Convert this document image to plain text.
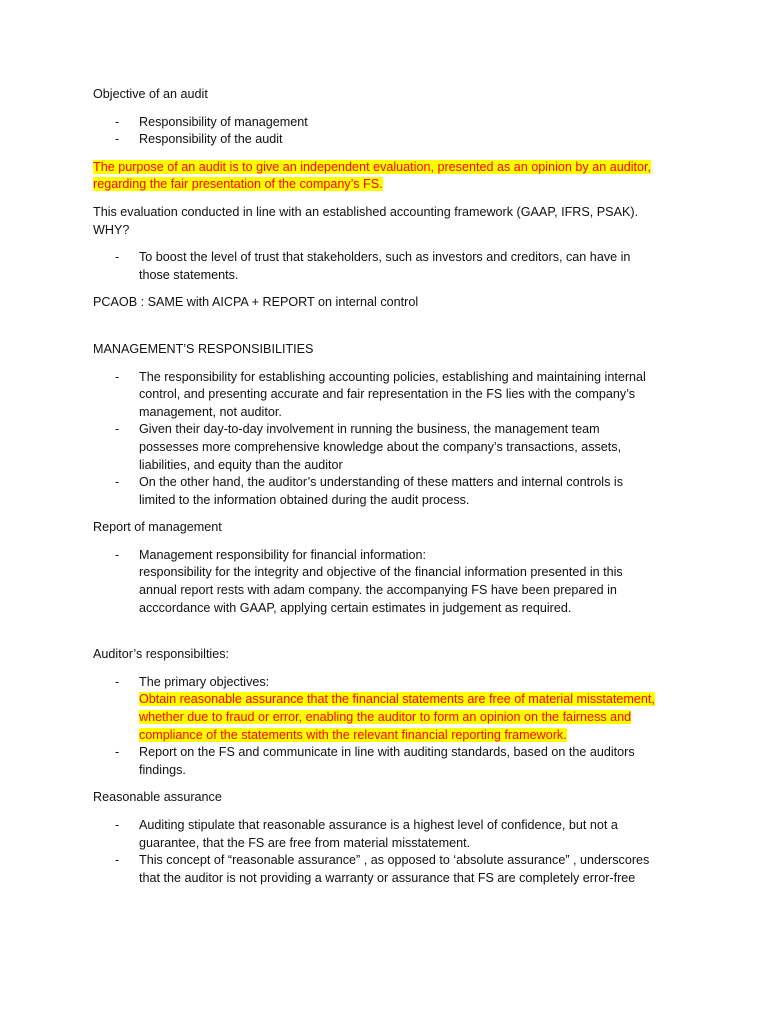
Objective of an audit

- Responsibility of management
- Responsibility of the audit

The purpose of an audit is to give an independent evaluation, presented as an opinion by an auditor,
regarding the fair presentation of the company’s FS.

This evaluation conducted in line with an established accounting framework (GAAP, IFRS, PSAK).
WHY?

- To boost the level of trust that stakeholders, such as investors and creditors, can have in
those statements.

PCAOB : SAME with AICPA + REPORT on internal control

MANAGEMENT’S RESPONSIBILITIES

- The responsibility for establishing accounting policies, establishing and maintaining internal
control, and presenting accurate and fair representation in the FS lies with the company’s
management, not auditor.
- Given their day-to-day involvement in running the business, the management team
possesses more comprehensive knowledge about the company’s transactions, assets,
liabilities, and equity than the auditor
- On the other hand, the auditor’s understanding of these matters and internal controls is
limited to the information obtained during the audit process.

Report of management

- Management responsibility for financial information:
responsibility for the integrity and objective of the financial information presented in this
annual report rests with adam company. the accompanying FS have been prepared in
acccordance with GAAP, applying certain estimates in judgement as required.

Auditor’s responsibilties:

- The primary objectives:
Obtain reasonable assurance that the financial statements are free of material misstatement,
whether due to fraud or error, enabling the auditor to form an opinion on the fairness and
compliance of the statements with the relevant financial reporting framework.
- Report on the FS and communicate in line with auditing standards, based on the auditors
findings.

Reasonable assurance

- Auditing stipulate that reasonable assurance is a highest level of confidence, but not a
guarantee, that the FS are free from material misstatement.
- This concept of “reasonable assurance” , as opposed to ‘absolute assurance” , underscores
that the auditor is not providing a warranty or assurance that FS are completely error-free
